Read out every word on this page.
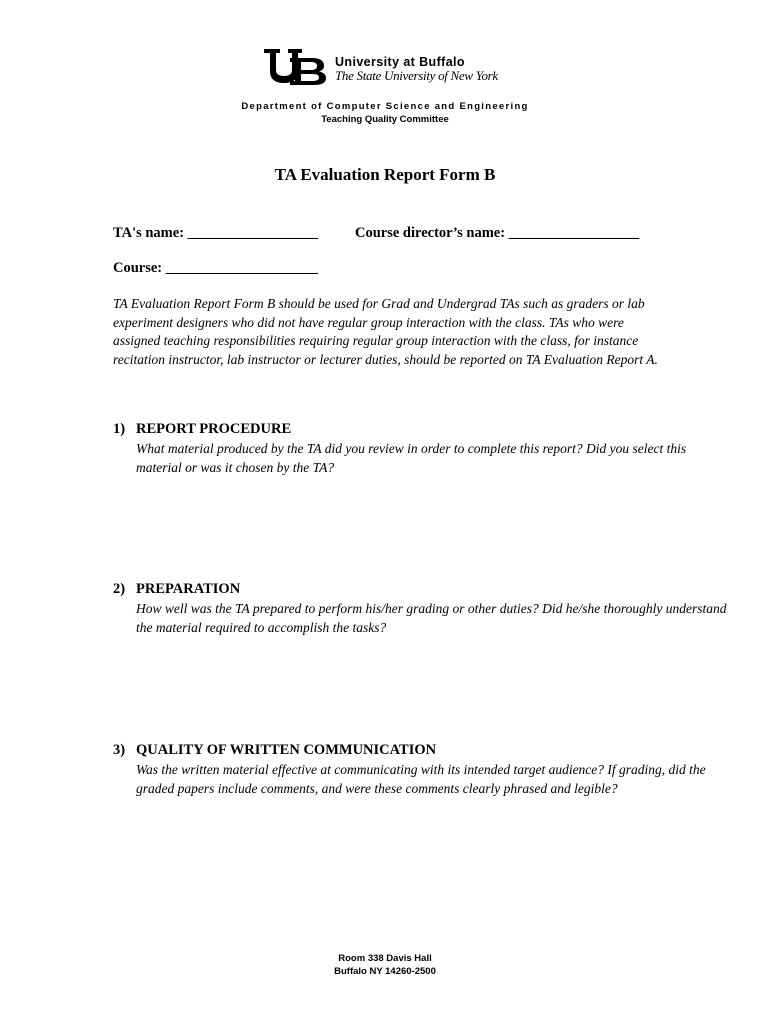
University at Buffalo
The State University of New York
Department of Computer Science and Engineering
Teaching Quality Committee
TA Evaluation Report Form B
TA's name: __________________	Course director’s name: __________________
Course: _____________________

TA Evaluation Report Form B should be used for Grad and Undergrad TAs such as graders or lab experiment designers who did not have regular group interaction with the class. TAs who were assigned teaching responsibilities requiring regular group interaction with the class, for instance recitation instructor, lab instructor or lecturer duties, should be reported on TA Evaluation Report A.

1) REPORT PROCEDURE

What material produced by the TA did you review in order to complete this report? Did you select this material or was it chosen by the TA?

2) PREPARATION

How well was the TA prepared to perform his/her grading or other duties? Did he/she thoroughly understand the material required to accomplish the tasks?

3) QUALITY OF WRITTEN COMMUNICATION

Was the written material effective at communicating with its intended target audience? If grading, did the graded papers include comments, and were these comments clearly phrased and legible?

Room 338 Davis Hall
Buffalo NY 14260-2500
